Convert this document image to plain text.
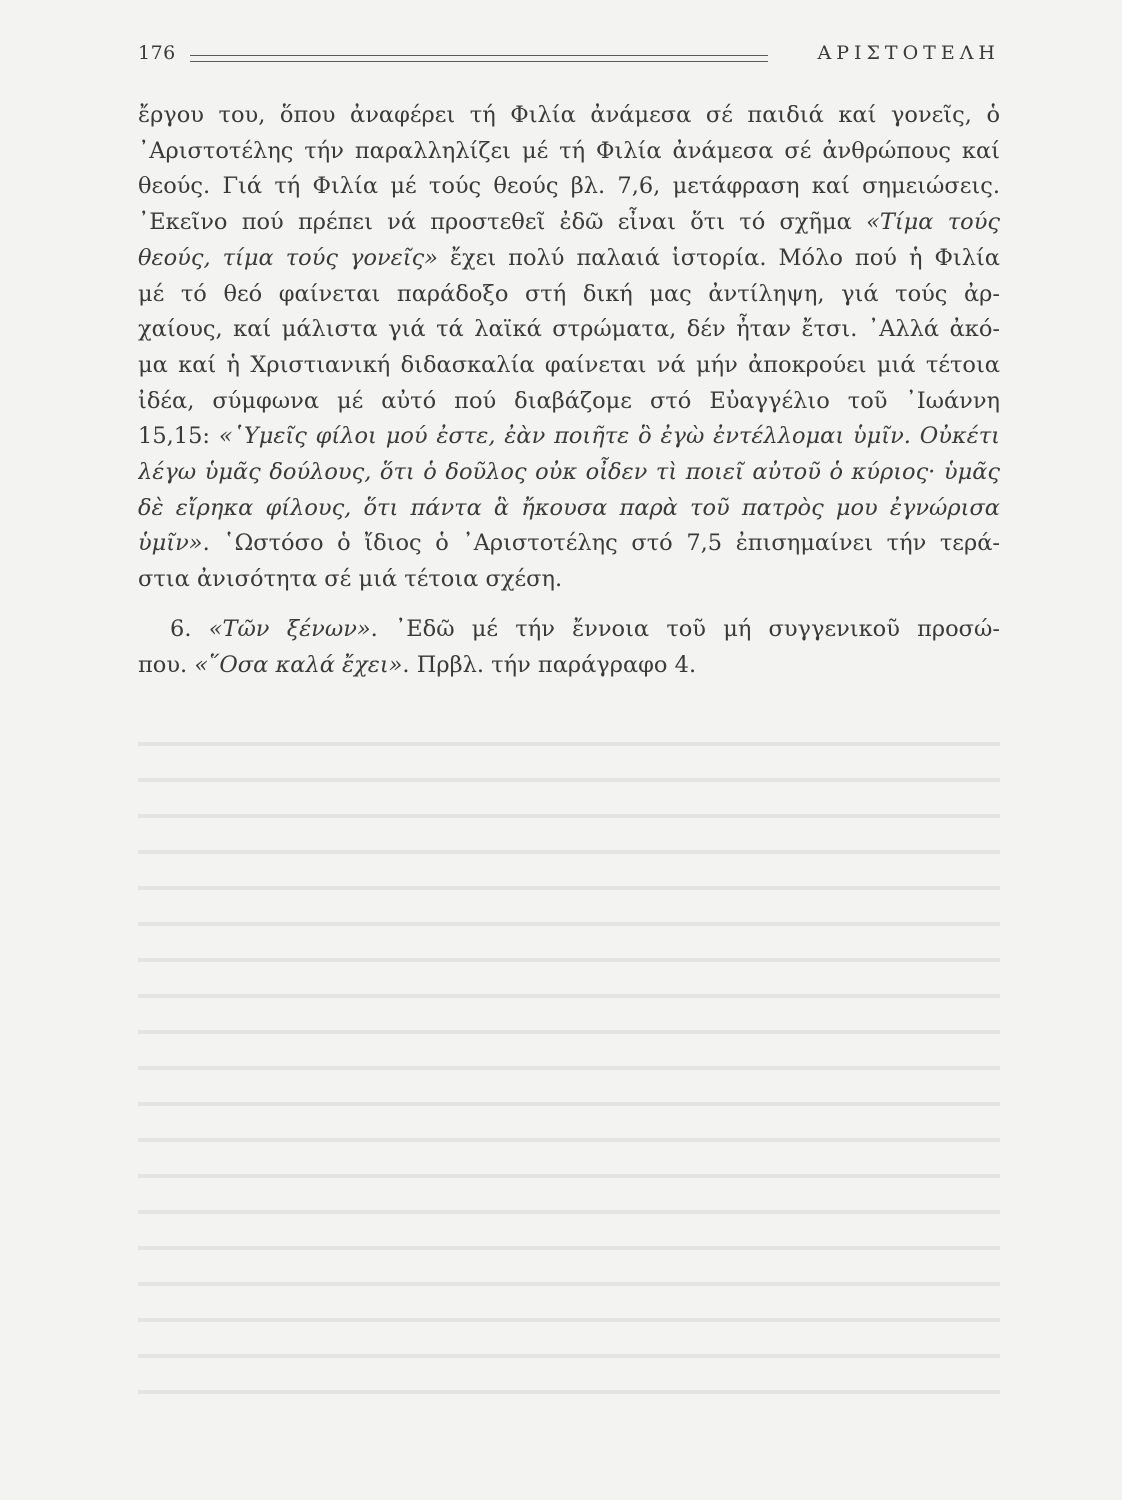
176	ΑΡΙΣΤΟΤΕΛΗ

ἔργου του, ὅπου ἀναφέρει τή Φιλία ἀνάμεσα σέ παιδιά καί γονεῖς, ὁ
᾿Αριστοτέλης τήν παραλληλίζει μέ τή Φιλία ἀνάμεσα σέ ἀνθρώπους καί
θεούς. Γιά τή Φιλία μέ τούς θεούς βλ. 7,6, μετάφραση καί σημειώσεις.
᾿Εκεῖνο πού πρέπει νά προστεθεῖ ἐδῶ εἶναι ὅτι τό σχῆμα «Τίμα τούς
θεούς, τίμα τούς γονεῖς» ἔχει πολύ παλαιά ἱστορία. Μόλο πού ἡ Φιλία
μέ τό θεό φαίνεται παράδοξο στή δική μας ἀντίληψη, γιά τούς ἀρ-
χαίους, καί μάλιστα γιά τά λαϊκά στρώματα, δέν ἦταν ἔτσι. ᾿Αλλά ἀκό-
μα καί ἡ Χριστιανική διδασκαλία φαίνεται νά μήν ἀποκρούει μιά τέτοια
ἰδέα, σύμφωνα μέ αὐτό πού διαβάζομε στό Εὐαγγέλιο τοῦ ᾿Ιωάννη
15,15: «῾Υμεῖς φίλοι μού ἐστε, ἐὰν ποιῆτε ὃ ἐγὼ ἐντέλλομαι ὑμῖν. Οὐκέτι
λέγω ὑμᾶς δούλους, ὅτι ὁ δοῦλος οὐκ οἶδεν τὶ ποιεῖ αὐτοῦ ὁ κύριος· ὑμᾶς
δὲ εἴρηκα φίλους, ὅτι πάντα ἃ ἤκουσα παρὰ τοῦ πατρὸς μου ἐγνώρισα
ὑμῖν». ῾Ωστόσο ὁ ἴδιος ὁ ᾿Αριστοτέλης στό 7,5 ἐπισημαίνει τήν τερά-
στια ἀνισότητα σέ μιά τέτοια σχέση.

6. «Τῶν ξένων». ᾿Εδῶ μέ τήν ἔννοια τοῦ μή συγγενικοῦ προσώ-
που. «῞Οσα καλά ἔχει». Πρβλ. τήν παράγραφο 4.
